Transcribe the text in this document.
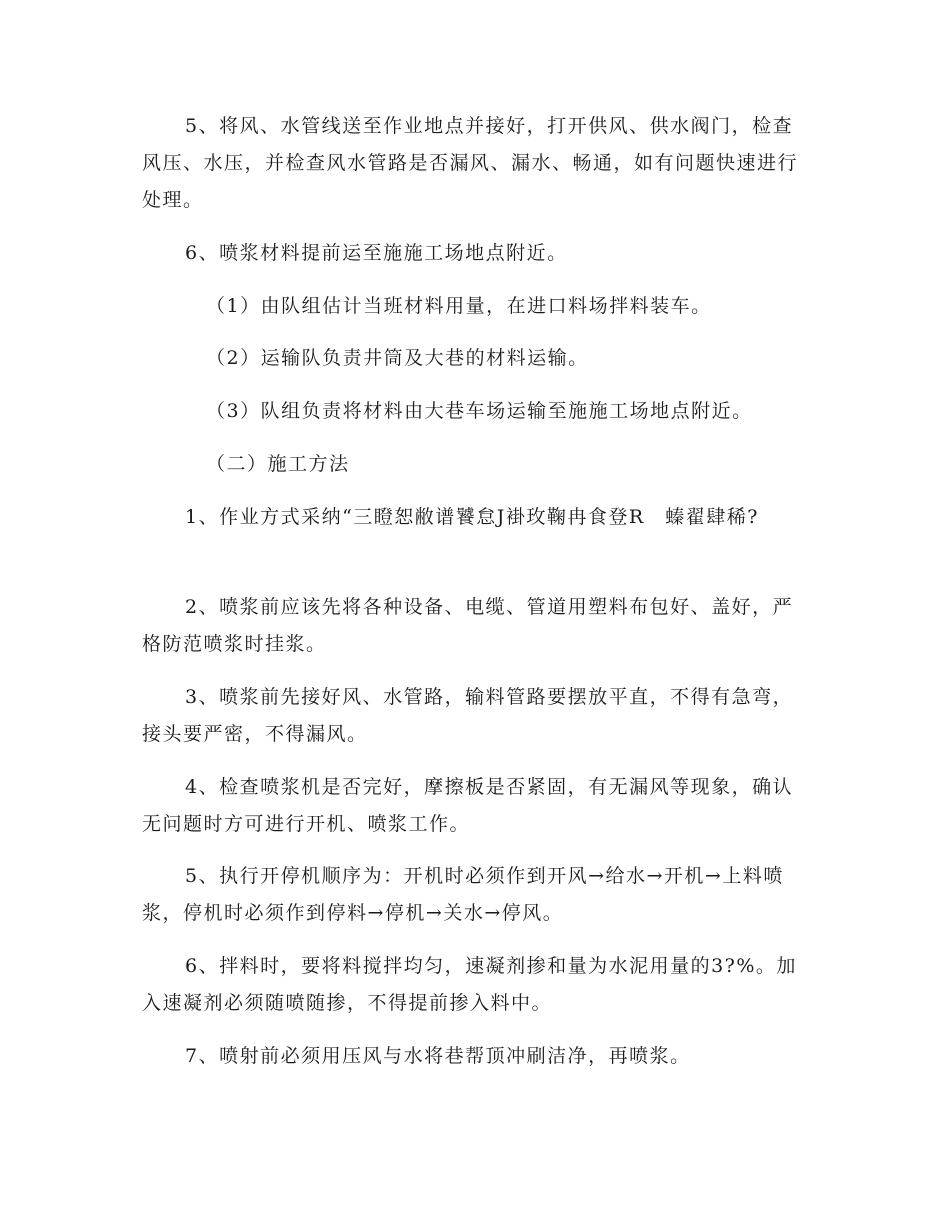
5、将风、水管线送至作业地点并接好，打开供风、供水阀门，检查风压、水压，并检查风水管路是否漏风、漏水、畅通，如有问题快速进行处理。

6、喷浆材料提前运至施施工场地点附近。

（1）由队组估计当班材料用量，在进口料场拌料装车。

（2）运输队负责井筒及大巷的材料运输。

（3）队组负责将材料由大巷车场运输至施施工场地点附近。

（二）施工方法

1、作业方式采纳“三瞪恕敝谱饕怠J褂玫鞠冉食登R　螓翟肆稀?

2、喷浆前应该先将各种设备、电缆、管道用塑料布包好、盖好，严格防范喷浆时挂浆。

3、喷浆前先接好风、水管路，输料管路要摆放平直，不得有急弯，接头要严密，不得漏风。

4、检查喷浆机是否完好，摩擦板是否紧固，有无漏风等现象，确认无问题时方可进行开机、喷浆工作。

5、执行开停机顺序为：开机时必须作到开风→给水→开机→上料喷浆，停机时必须作到停料→停机→关水→停风。

6、拌料时，要将料搅拌均匀，速凝剂掺和量为水泥用量的3?%。加入速凝剂必须随喷随掺，不得提前掺入料中。

7、喷射前必须用压风与水将巷帮顶冲刷洁净，再喷浆。
